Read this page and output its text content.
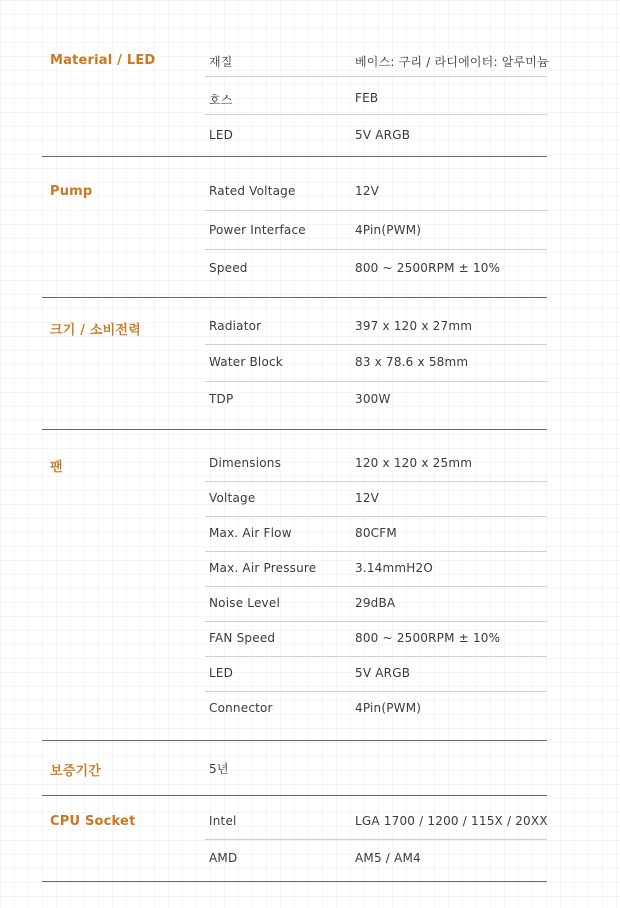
Material / LED	재질	베이스: 구리 / 라디에이터: 알루미늄
호스	FEB
LED	5V ARGB
Pump	Rated Voltage	12V
Power Interface	4Pin(PWM)
Speed	800 ~ 2500RPM ± 10%
크기 / 소비전력	Radiator	397 x 120 x 27mm
Water Block	83 x 78.6 x 58mm
TDP	300W
팬	Dimensions	120 x 120 x 25mm
Voltage	12V
Max. Air Flow	80CFM
Max. Air Pressure	3.14mmH2O
Noise Level	29dBA
FAN Speed	800 ~ 2500RPM ± 10%
LED	5V ARGB
Connector	4Pin(PWM)
보증기간	5년
CPU Socket	Intel	LGA 1700 / 1200 / 115X / 20XX
AMD	AM5 / AM4
